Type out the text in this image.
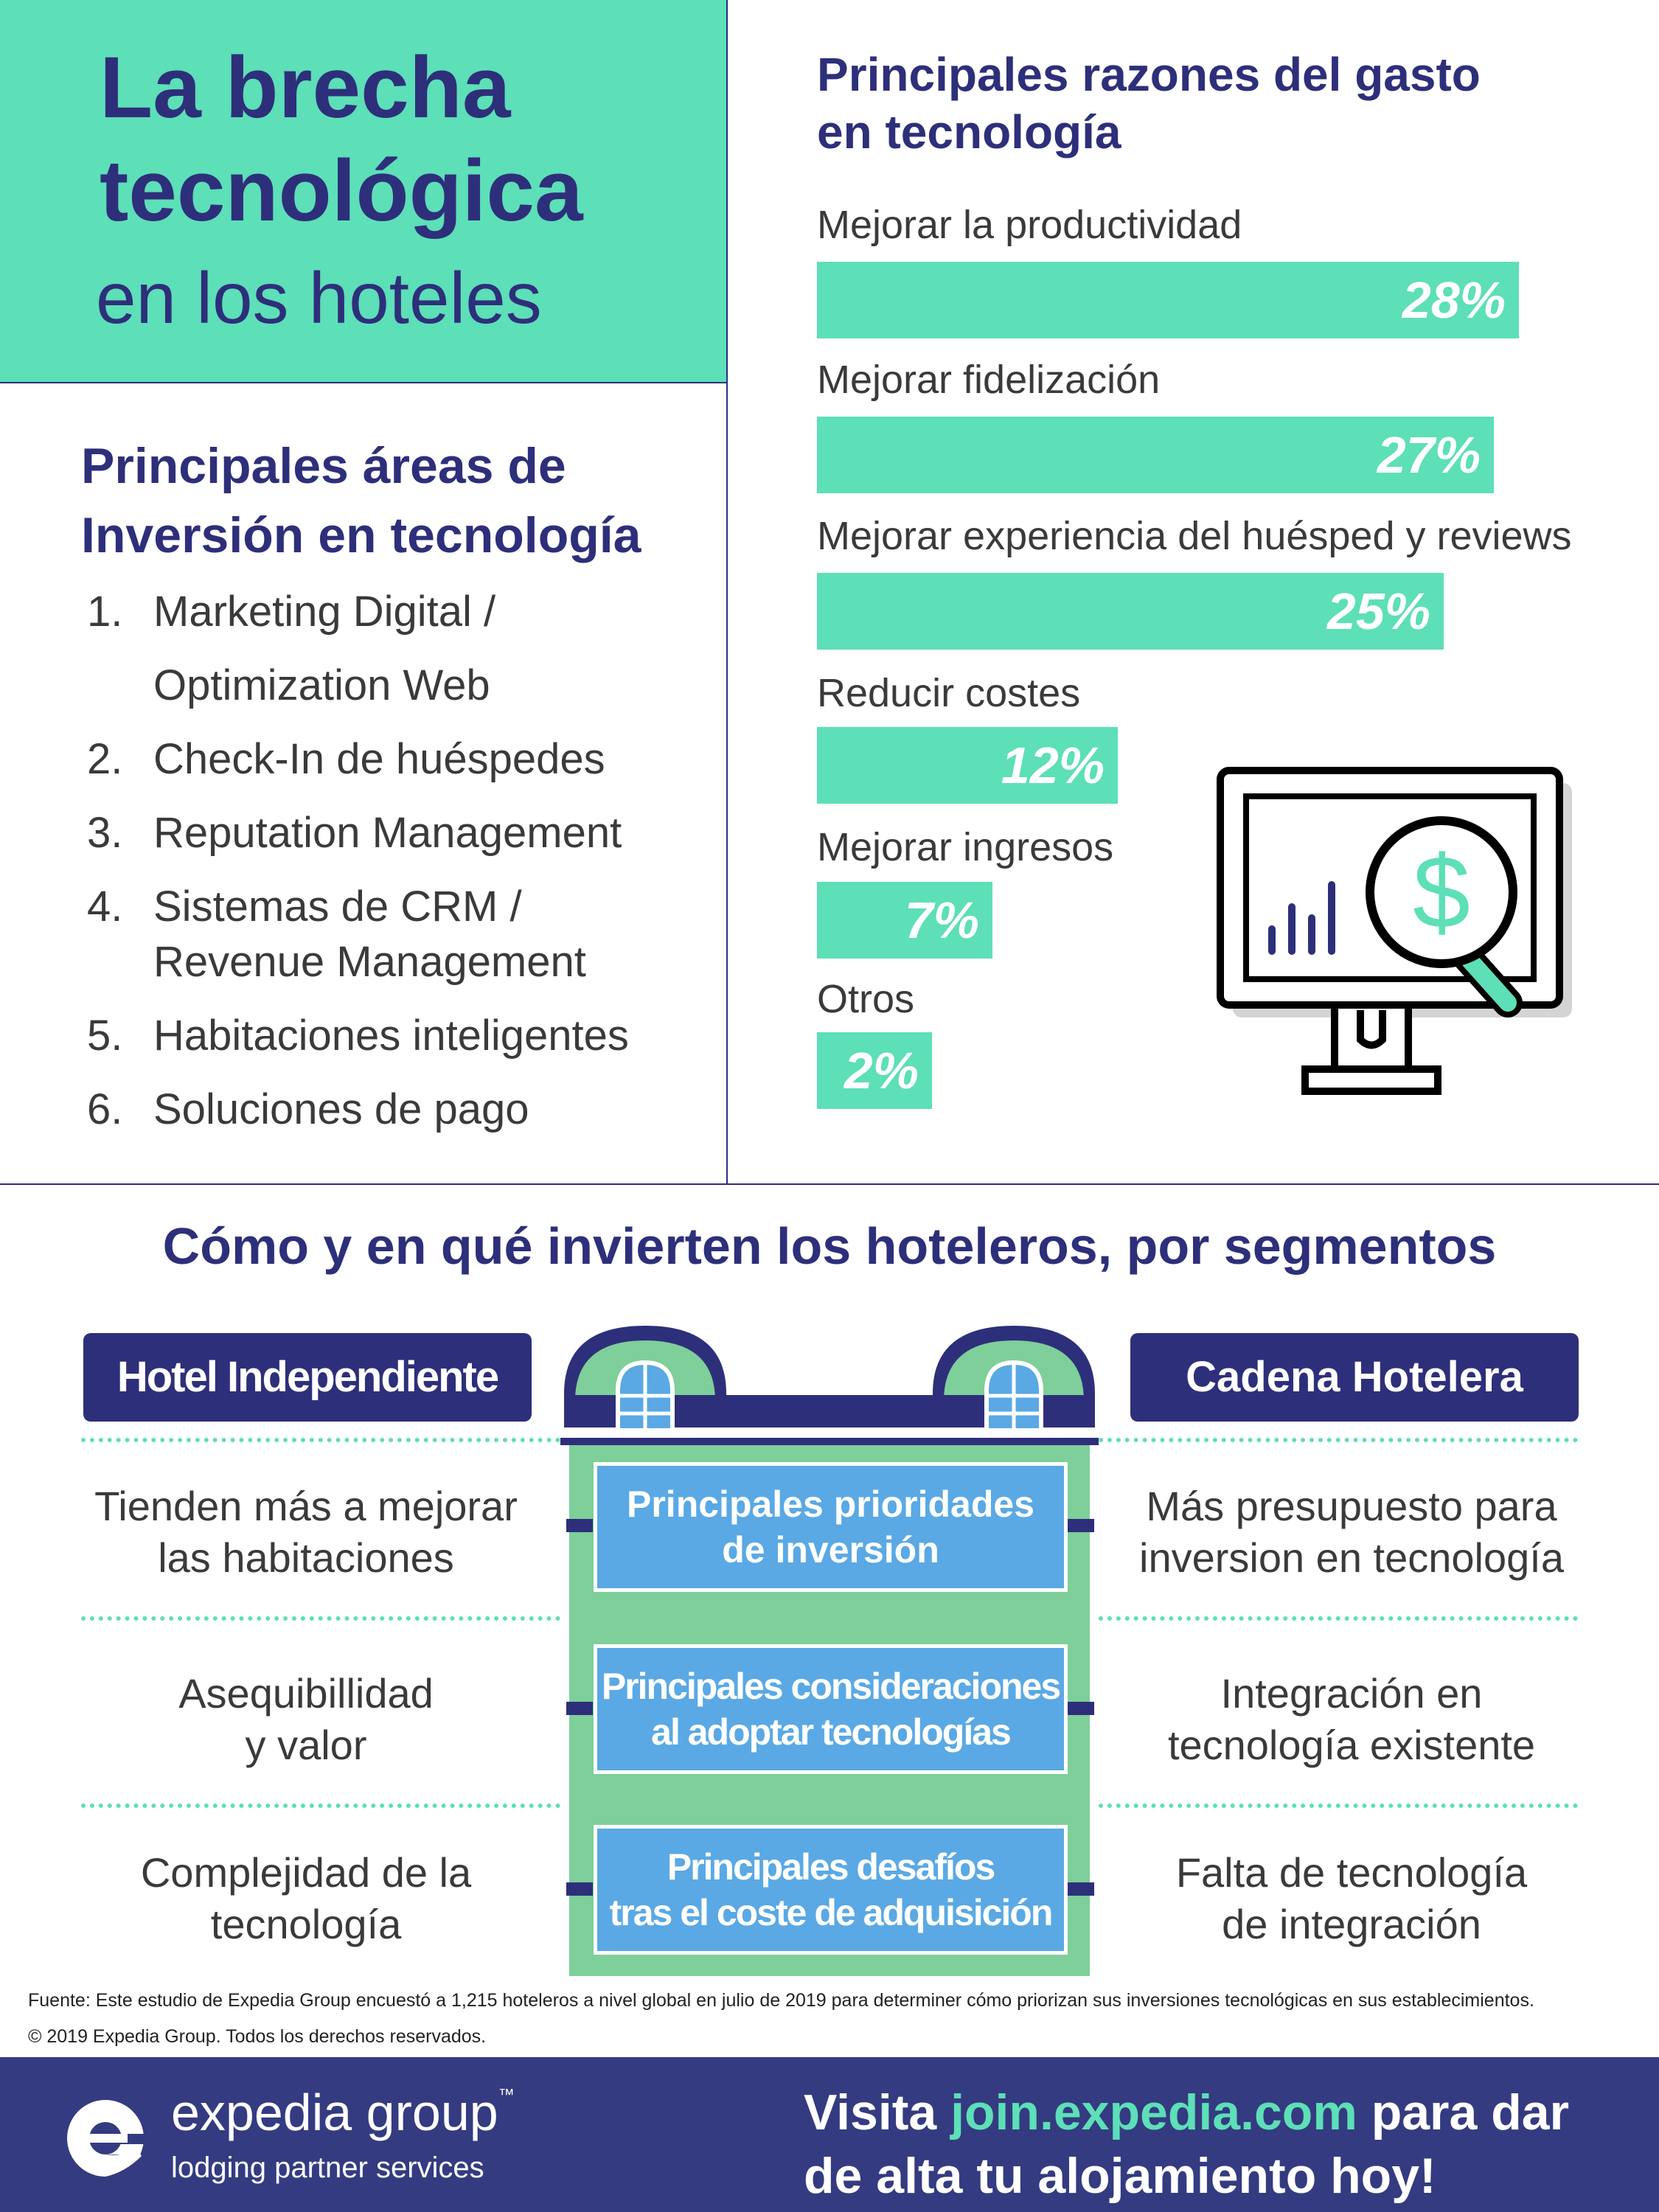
La brecha
tecnológica
en los hoteles
Principales áreas de
Inversión en tecnología
1. Marketing Digital /
Optimization Web
2. Check-In de huéspedes
3. Reputation Management
4. Sistemas de CRM /
Revenue Management
5. Habitaciones inteligentes
6. Soluciones de pago
Principales razones del gasto
en tecnología
Mejorar la productividad
28%
Mejorar fidelización
27%
Mejorar experiencia del huésped y reviews
25%
Reducir costes
12%
Mejorar ingresos
7%
Otros
2%
$
Cómo y en qué invierten los hoteleros, por segmentos
Hotel Independiente	Cadena Hotelera
Principales prioridades
de inversión
Principales consideraciones
al adoptar tecnologías
Principales desafíos
tras el coste de adquisición
Tienden más a mejorar
las habitaciones
Más presupuesto para
inversion en tecnología
Asequibillidad
y valor
Integración en
tecnología existente
Complejidad de la
tecnología
Falta de tecnología
de integración
Fuente: Este estudio de Expedia Group encuestó a 1,215 hoteleros a nivel global en julio de 2019 para determiner cómo priorizan sus inversiones tecnológicas en sus establecimientos.
© 2019 Expedia Group. Todos los derechos reservados.
expedia group™
lodging partner services
Visita join.expedia.com para dar
de alta tu alojamiento hoy!
